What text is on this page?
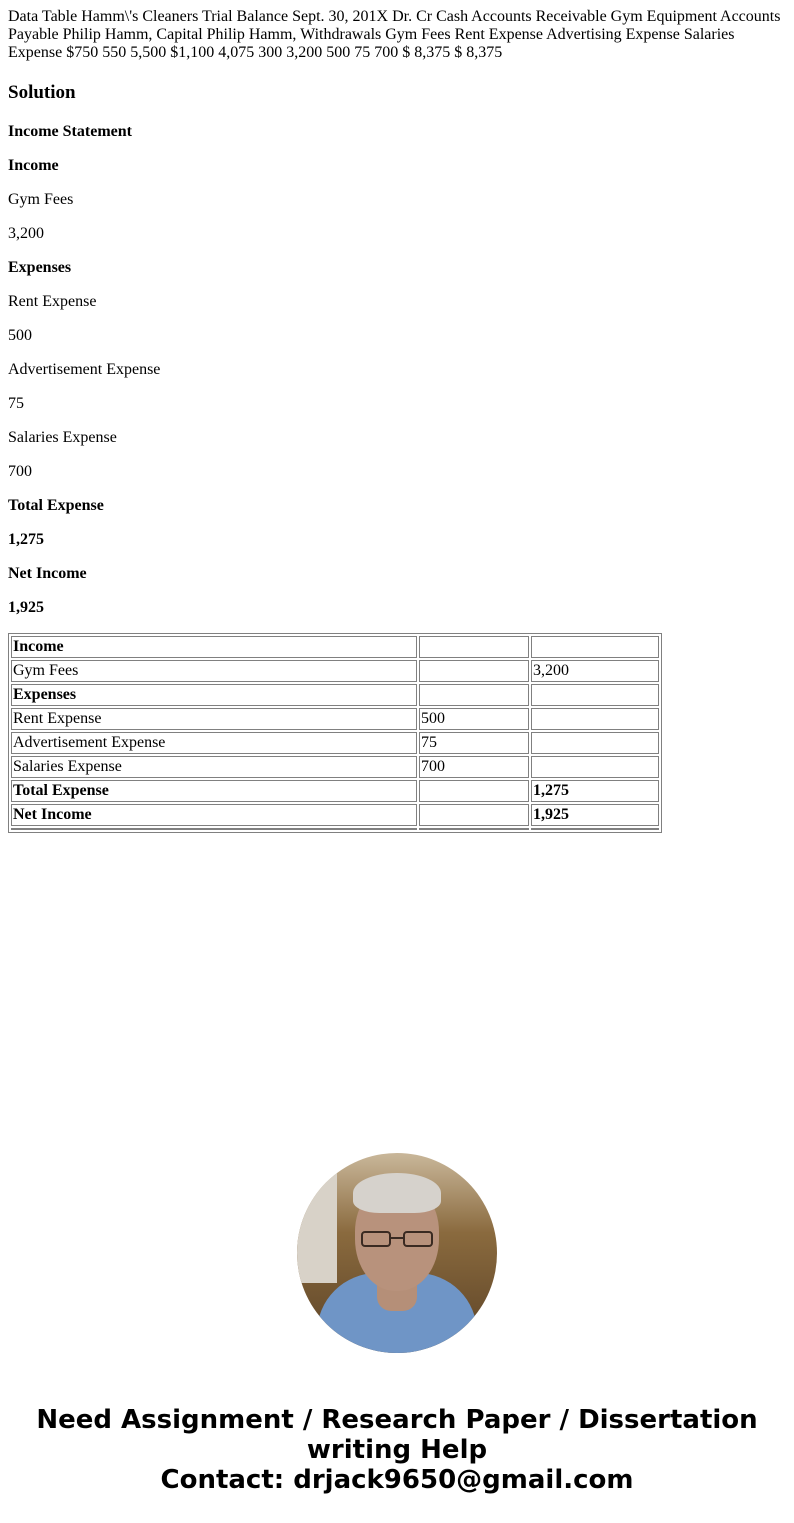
Data Table Hamm\'s Cleaners Trial Balance Sept. 30, 201X Dr. Cr Cash Accounts Receivable Gym Equipment Accounts Payable Philip Hamm, Capital Philip Hamm, Withdrawals Gym Fees Rent Expense Advertising Expense Salaries Expense $750 550 5,500 $1,100 4,075 300 3,200 500 75 700 $ 8,375 $ 8,375

Solution

Income Statement

Income

Gym Fees

3,200

Expenses

Rent Expense

500

Advertisement Expense

75

Salaries Expense

700

Total Expense

1,275

Net Income

1,925

Income		
Gym Fees		3,200
Expenses		
Rent Expense	500	
Advertisement Expense	75	
Salaries Expense	700	
Total Expense		1,275
Net Income		1,925

Need Assignment / Research Paper / Dissertation writing Help
Contact: drjack9650@gmail.com
